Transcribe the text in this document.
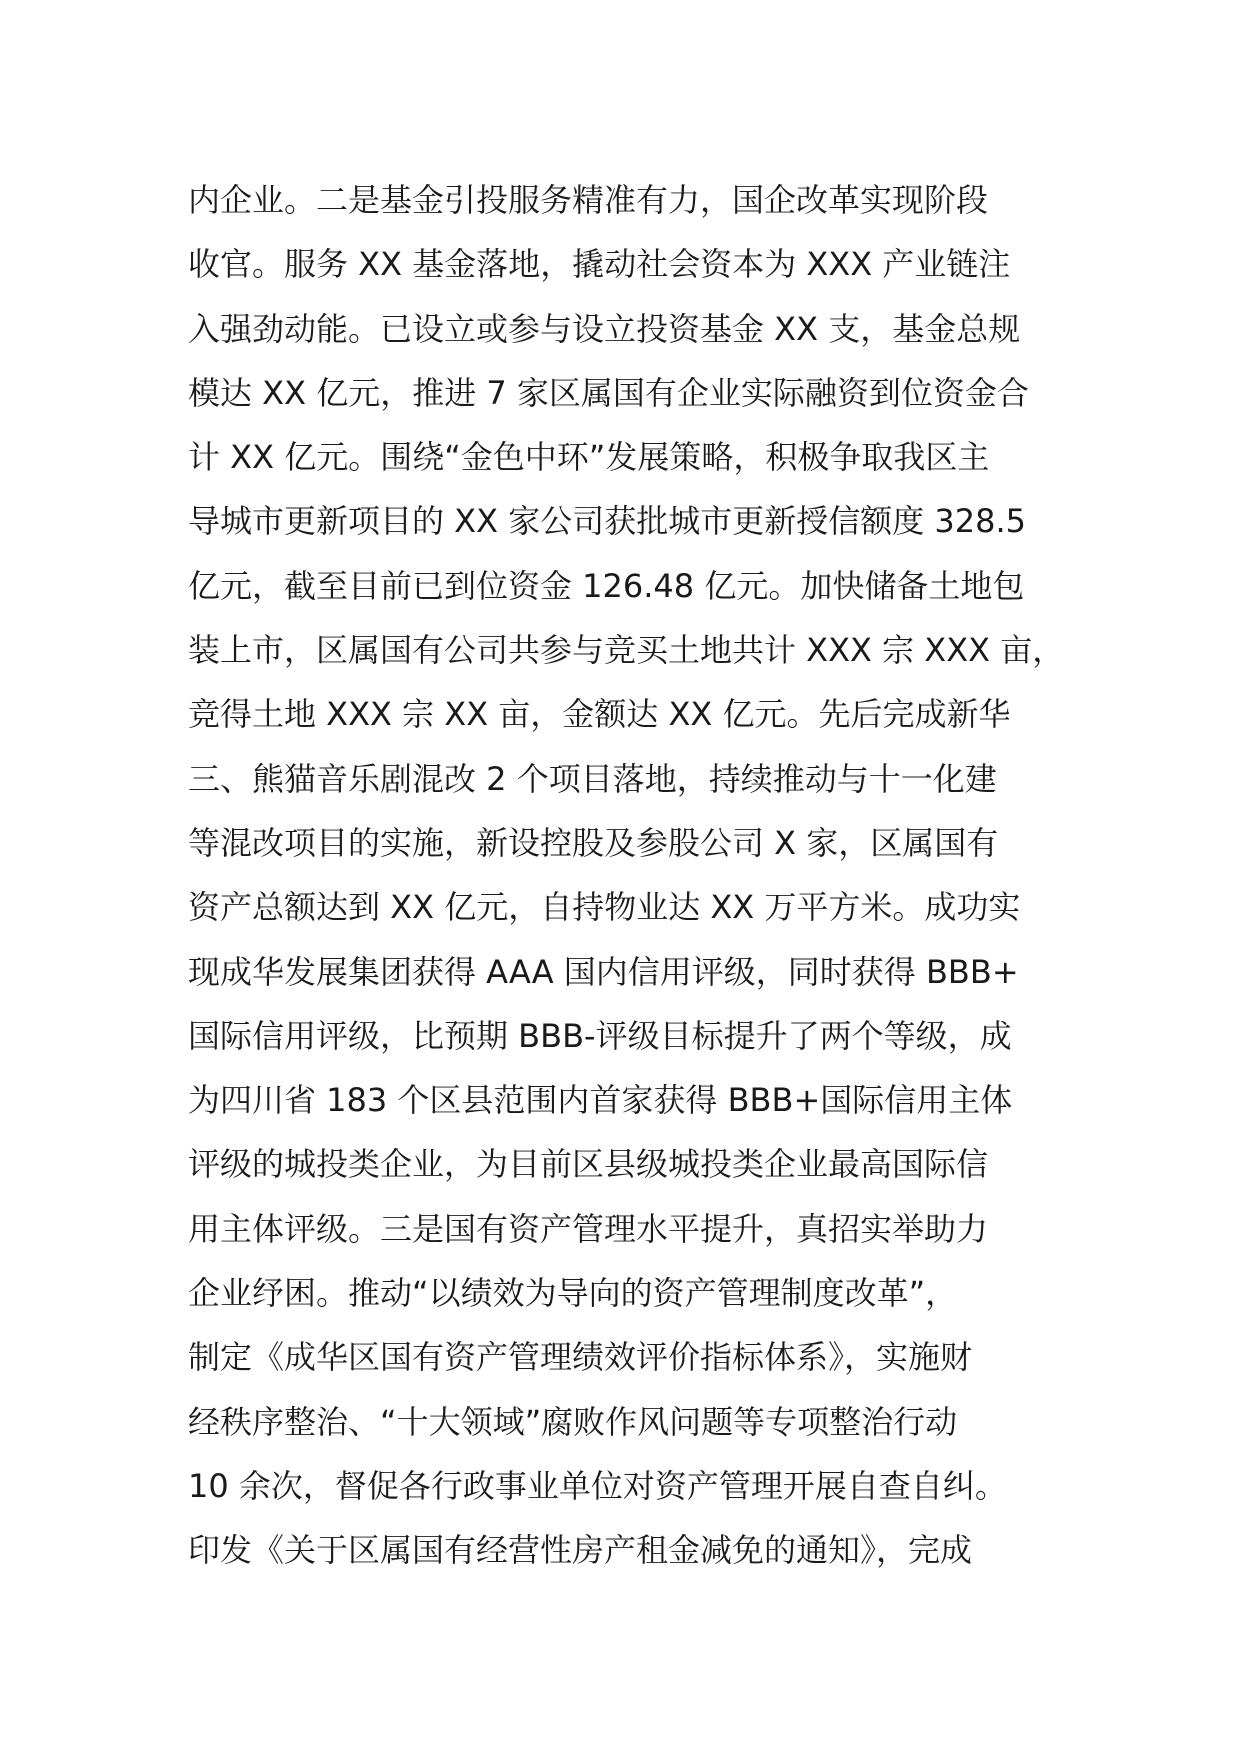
内企业。二是基金引投服务精准有力，国企改革实现阶段
收官。服务 XX 基金落地，撬动社会资本为 XXX 产业链注
入强劲动能。已设立或参与设立投资基金 XX 支，基金总规
模达 XX 亿元，推进 7 家区属国有企业实际融资到位资金合
计 XX 亿元。围绕“金色中环”发展策略，积极争取我区主
导城市更新项目的 XX 家公司获批城市更新授信额度 328.5
亿元，截至目前已到位资金 126.48 亿元。加快储备土地包
装上市，区属国有公司共参与竞买土地共计 XXX 宗 XXX 亩，
竞得土地 XXX 宗 XX 亩，金额达 XX 亿元。先后完成新华
三、熊猫音乐剧混改 2 个项目落地，持续推动与十一化建
等混改项目的实施，新设控股及参股公司 X 家，区属国有
资产总额达到 XX 亿元，自持物业达 XX 万平方米。成功实
现成华发展集团获得 AAA 国内信用评级，同时获得 BBB+
国际信用评级，比预期 BBB-评级目标提升了两个等级，成
为四川省 183 个区县范围内首家获得 BBB+国际信用主体
评级的城投类企业，为目前区县级城投类企业最高国际信
用主体评级。三是国有资产管理水平提升，真招实举助力
企业纾困。推动“以绩效为导向的资产管理制度改革”，
制定《成华区国有资产管理绩效评价指标体系》，实施财
经秩序整治、“十大领域”腐败作风问题等专项整治行动
10 余次，督促各行政事业单位对资产管理开展自查自纠。
印发《关于区属国有经营性房产租金减免的通知》，完成
